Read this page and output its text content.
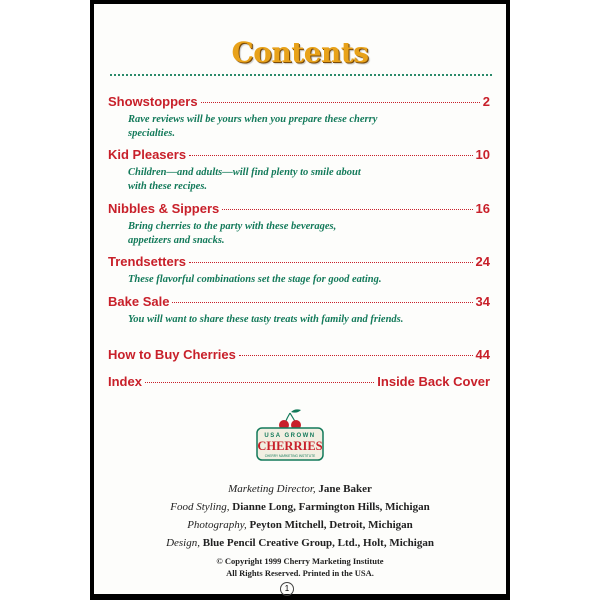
Contents
Showstoppers	2
Rave reviews will be yours when you prepare these cherry specialties.
Kid Pleasers	10
Children—and adults—will find plenty to smile about with these recipes.
Nibbles & Sippers	16
Bring cherries to the party with these beverages, appetizers and snacks.
Trendsetters	24
These flavorful combinations set the stage for good eating.
Bake Sale	34
You will want to share these tasty treats with family and friends.
How to Buy Cherries	44
Index	Inside Back Cover
USA GROWN
CHERRIES
CHERRY MARKETING INSTITUTE
Marketing Director, Jane Baker
Food Styling, Dianne Long, Farmington Hills, Michigan
Photography, Peyton Mitchell, Detroit, Michigan
Design, Blue Pencil Creative Group, Ltd., Holt, Michigan
© Copyright 1999 Cherry Marketing Institute
All Rights Reserved. Printed in the USA.
1
